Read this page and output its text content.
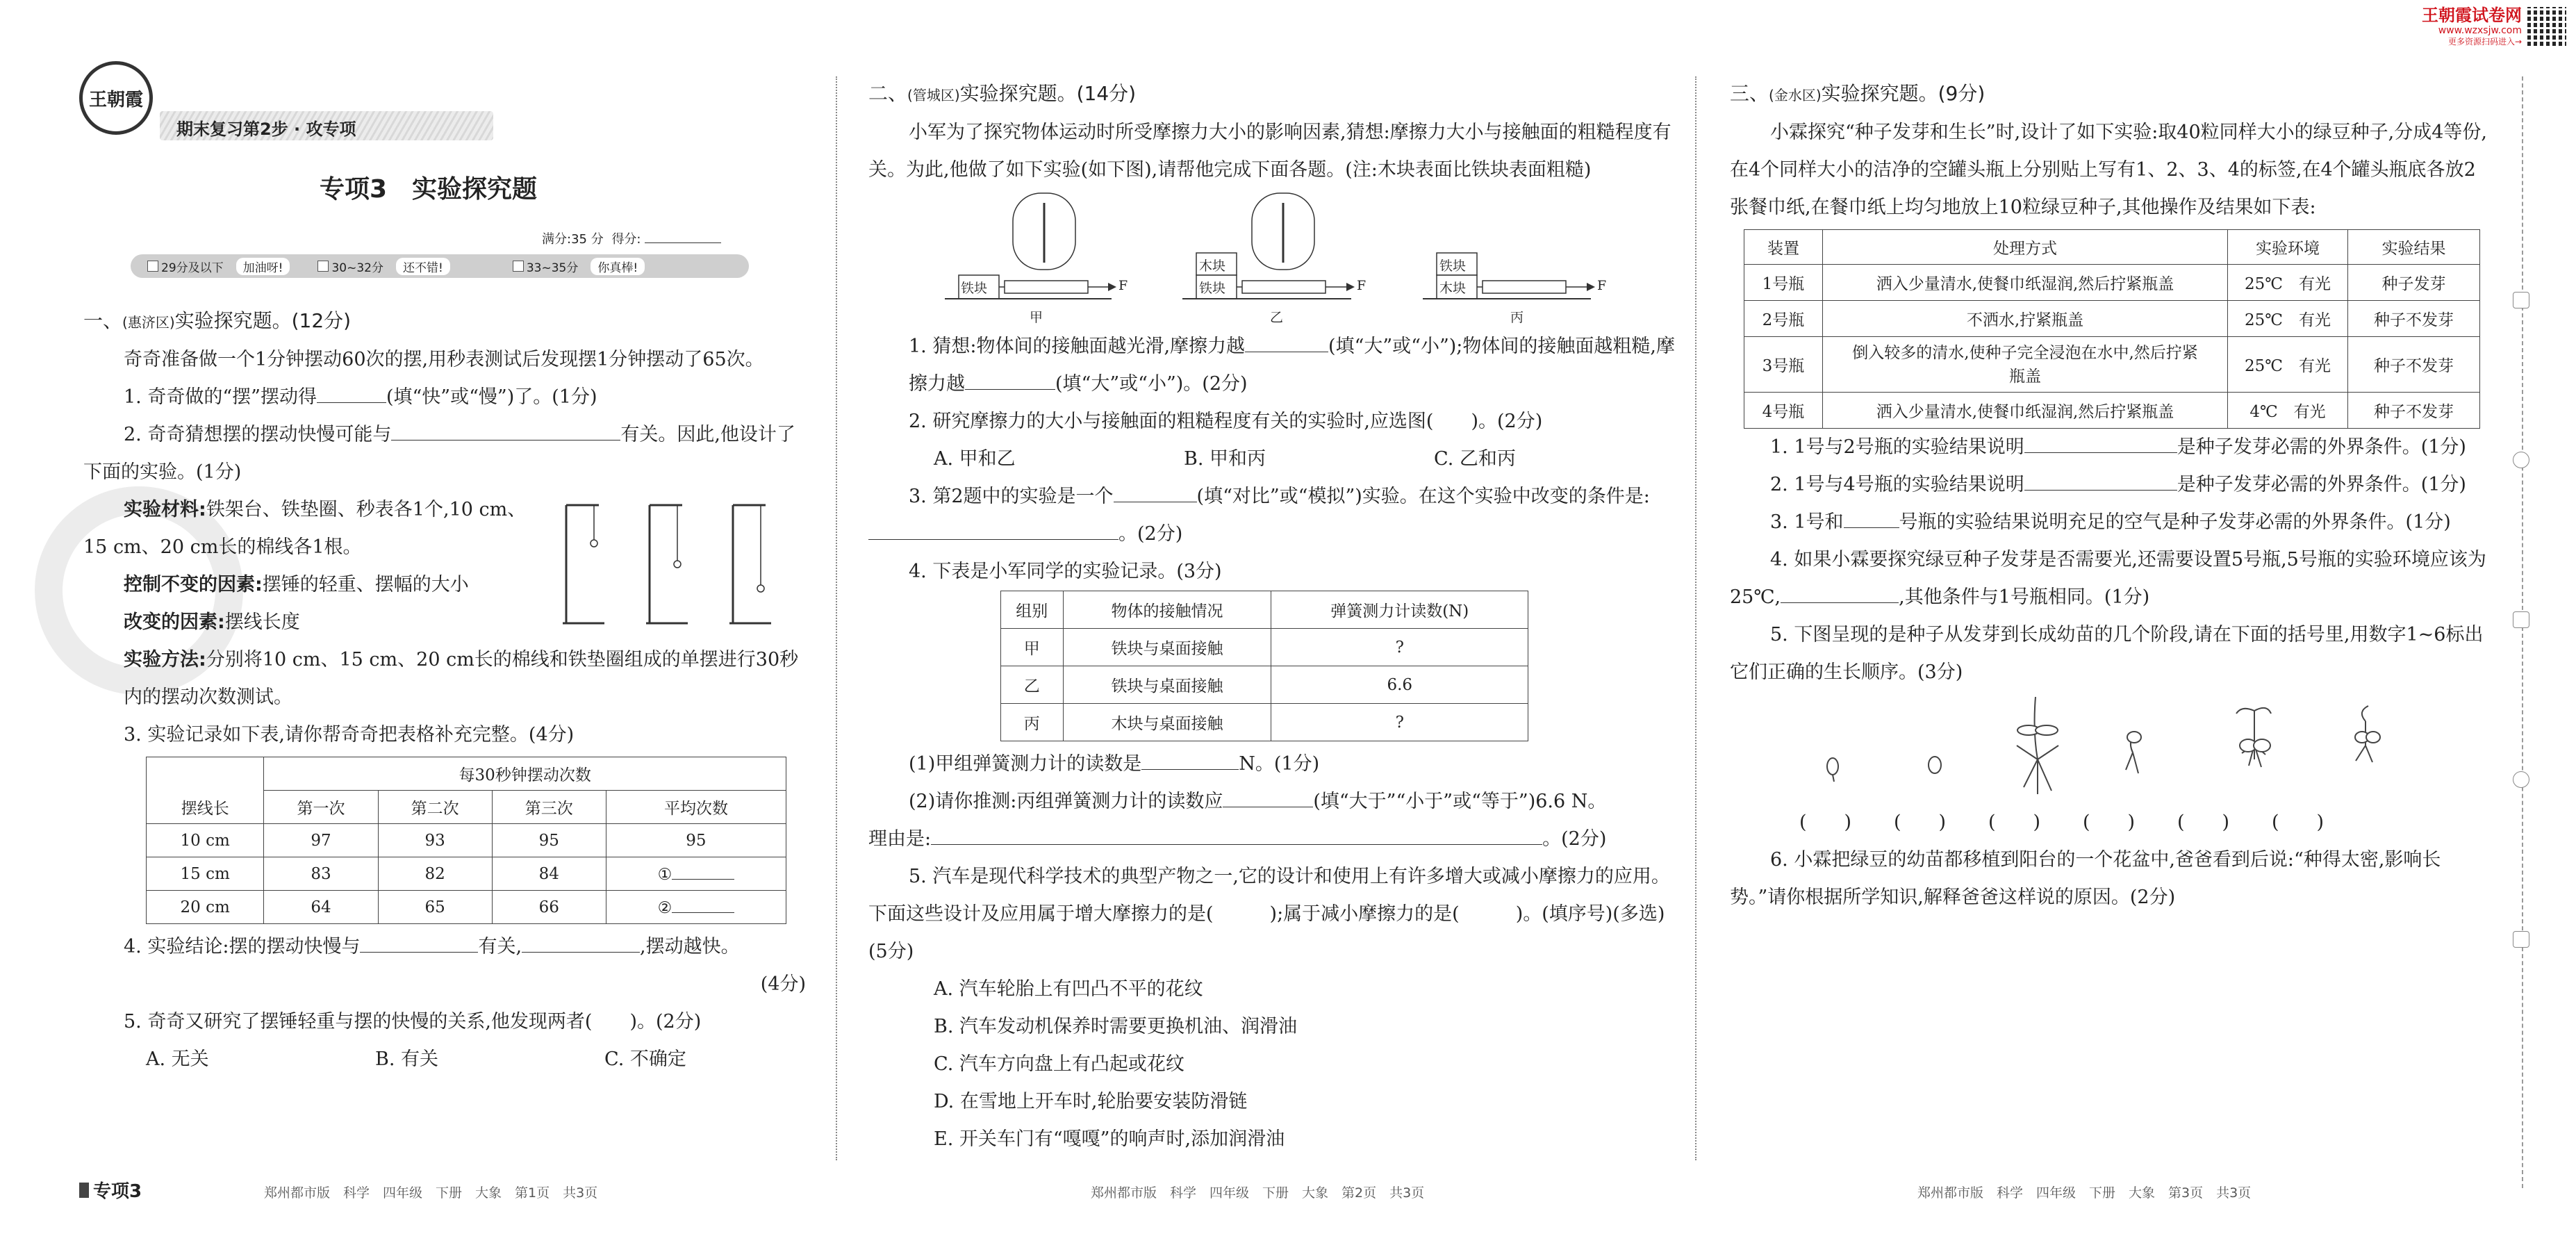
王朝霞试卷网
www.wzxsjw.com
更多资源扫码进入→
王朝霞
期末复习第2步 · 攻专项
专项3　实验探究题
满分:35 分 得分:
29分及以下	加油呀!	30~32分	还不错!	33~35分	你真棒!

一、(惠济区)实验探究题。(12分)

奇奇准备做一个1分钟摆动60次的摆,用秒表测试后发现摆1分钟摆动了65次。

1. 奇奇做的“摆”摆动得	(填“快”或“慢”)了。(1分)

2. 奇奇猜想摆的摆动快慢可能与	有关。因此,他设计了下面的实验。(1分)

实验材料:铁架台、铁垫圈、秒表各1个,10 cm、15 cm、20 cm长的棉线各1根。

控制不变的因素:摆锤的轻重、摆幅的大小

改变的因素:摆线长度

实验方法:分别将10 cm、15 cm、20 cm长的棉线和铁垫圈组成的单摆进行30秒内的摆动次数测试。

3. 实验记录如下表,请你帮奇奇把表格补充完整。(4分)

	每30秒钟摆动次数			
摆线长	第一次	第二次	第三次	平均次数
10 cm	97	93	95	95
15 cm	83	82	84	①
20 cm	64	65	66	②

4. 实验结论:摆的摆动快慢与	有关,	,摆动越快。

(4分)

5. 奇奇又研究了摆锤轻重与摆的快慢的关系,他发现两者(　　)。(2分)

A. 无关	B. 有关	C. 不确定

专项3	郑州都市版　科学　四年级　下册　大象　第1页　共3页

二、(管城区)实验探究题。(14分)

小军为了探究物体运动时所受摩擦力大小的影响因素,猜想:摩擦力大小与接触面的粗糙程度有关。为此,他做了如下实验(如下图),请帮他完成下面各题。(注:木块表面比铁块表面粗糙)

铁块	F
木块
铁块	F
铁块
木块	F
甲	乙	丙

1. 猜想:物体间的接触面越光滑,摩擦力越	(填“大”或“小”);物体间的接触面越粗糙,摩擦力越	(填“大”或“小”)。(2分)

2. 研究摩擦力的大小与接触面的粗糙程度有关的实验时,应选图(　　)。(2分)

A. 甲和乙	B. 甲和丙	C. 乙和丙

3. 第2题中的实验是一个	(填“对比”或“模拟”)实验。在这个实验中改变的条件是:。(2分)

4. 下表是小军同学的实验记录。(3分)

组别	物体的接触情况	弹簧测力计读数(N)
甲	铁块与桌面接触	?
乙	铁块与桌面接触	6.6
丙	木块与桌面接触	?

(1)甲组弹簧测力计的读数是	N。(1分)

(2)请你推测:丙组弹簧测力计的读数应	(填“大于”“小于”或“等于”)6.6 N。

理由是:	。(2分)

5. 汽车是现代科学技术的典型产物之一,它的设计和使用上有许多增大或减小摩擦力的应用。下面这些设计及应用属于增大摩擦力的是(　　　);属于减小摩擦力的是(　　　)。(填序号)(多选)(5分)

A. 汽车轮胎上有凹凸不平的花纹

B. 汽车发动机保养时需要更换机油、润滑油

C. 汽车方向盘上有凸起或花纹

D. 在雪地上开车时,轮胎要安装防滑链

E. 开关车门有“嘎嘎”的响声时,添加润滑油

郑州都市版　科学　四年级　下册　大象　第2页　共3页

三、(金水区)实验探究题。(9分)

小霖探究“种子发芽和生长”时,设计了如下实验:取40粒同样大小的绿豆种子,分成4等份,在4个同样大小的洁净的空罐头瓶上分别贴上写有1、2、3、4的标签,在4个罐头瓶底各放2张餐巾纸,在餐巾纸上均匀地放上10粒绿豆种子,其他操作及结果如下表:

装置	处理方式	实验环境	实验结果
1号瓶	洒入少量清水,使餐巾纸湿润,然后拧紧瓶盖	25℃　有光	种子发芽
2号瓶	不洒水,拧紧瓶盖	25℃　有光	种子不发芽
3号瓶	倒入较多的清水,使种子完全浸泡在水中,然后拧紧瓶盖	25℃　有光	种子不发芽
4号瓶	洒入少量清水,使餐巾纸湿润,然后拧紧瓶盖	4℃　有光	种子不发芽

1. 1号与2号瓶的实验结果说明	是种子发芽必需的外界条件。(1分)

2. 1号与4号瓶的实验结果说明	是种子发芽必需的外界条件。(1分)

3. 1号和	号瓶的实验结果说明充足的空气是种子发芽必需的外界条件。(1分)

4. 如果小霖要探究绿豆种子发芽是否需要光,还需要设置5号瓶,5号瓶的实验环境应该为25℃,	,其他条件与1号瓶相同。(1分)

5. 下图呈现的是种子从发芽到长成幼苗的几个阶段,请在下面的括号里,用数字1~6标出它们正确的生长顺序。(3分)

(　　) (　　) (　　) (　　) (　　) (　　)

6. 小霖把绿豆的幼苗都移植到阳台的一个花盆中,爸爸看到后说:“种得太密,影响长势。”请你根据所学知识,解释爸爸这样说的原因。(2分)

郑州都市版　科学　四年级　下册　大象　第3页　共3页
